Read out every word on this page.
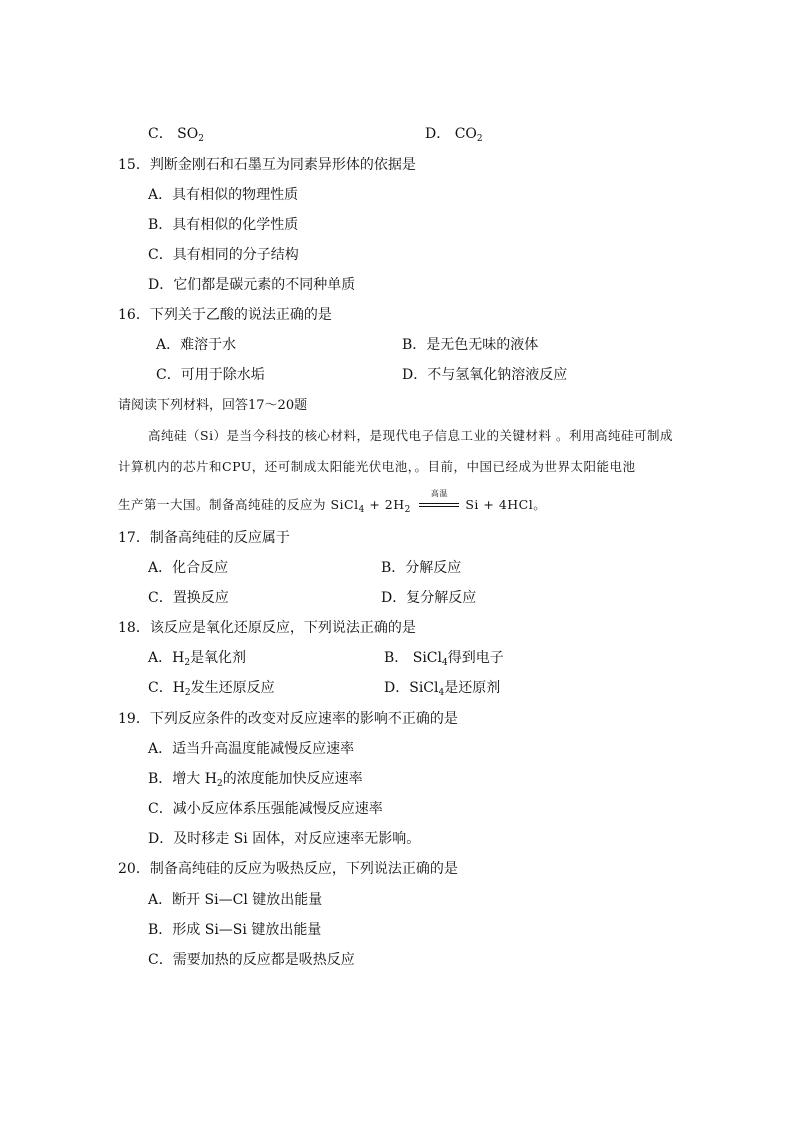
C． $SO_2$	D． $CO_2$
15．判断金刚石和石墨互为同素异形体的依据是
A．具有相似的物理性质
B．具有相似的化学性质
C．具有相同的分子结构
D．它们都是碳元素的不同种单质
16．下列关于乙酸的说法正确的是
A．难溶于水	B．是无色无味的液体
C．可用于除水垢	D．不与氢氧化钠溶液反应
请阅读下列材料，回答17～20题
高纯硅（Si）是当今科技的核心材料，是现代电子信息工业的关键材料 。利用高纯硅可制成
计算机内的芯片和CPU，还可制成太阳能光伏电池，。目前，中国已经成为世界太阳能电池
生产第一大国。制备高纯硅的反应为 SiCl$_4$ + $2H_2$
高温
Si + 4HCl。
17．制备高纯硅的反应属于
A．化合反应	B．分解反应
C．置换反应	D．复分解反应
18．该反应是氧化还原反应，下列说法正确的是
A．$H_2$是氧化剂	B． SiCl$_4$得到电子
C．$H_2$发生还原反应	D．SiCl$_4$是还原剂
19．下列反应条件的改变对反应速率的影响不正确的是
A．适当升高温度能减慢反应速率
B．增大 $H_2$的浓度能加快反应速率
C．减小反应体系压强能减慢反应速率
D．及时移走 Si 固体，对反应速率无影响。
20．制备高纯硅的反应为吸热反应，下列说法正确的是
A．断开 Si—Cl 键放出能量
B．形成 Si—Si 键放出能量
C．需要加热的反应都是吸热反应
